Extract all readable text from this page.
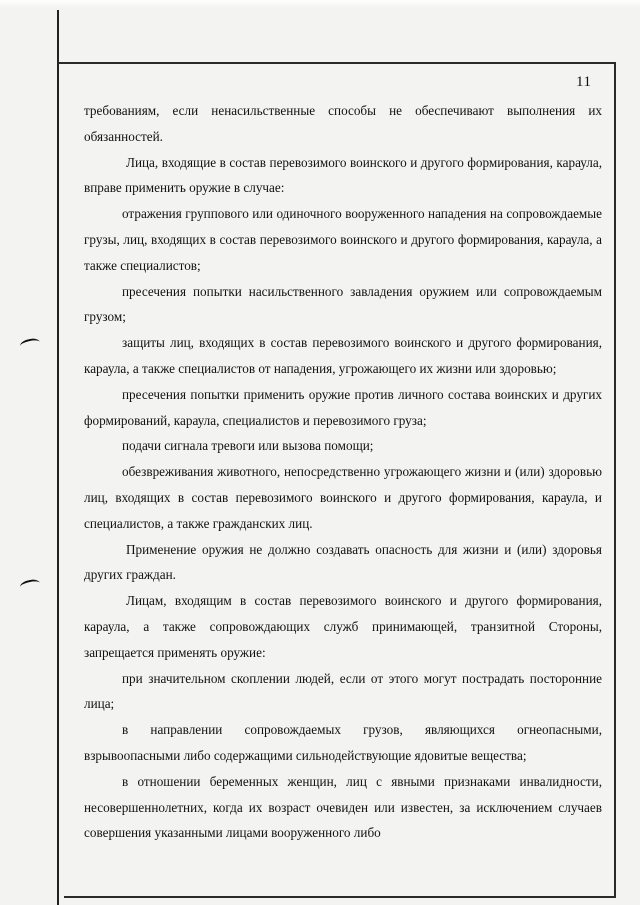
11

требованиям, если ненасильственные способы не обеспечивают выполнения их обязанностей.

Лица, входящие в состав перевозимого воинского и другого формирования, караула, вправе применить оружие в случае:

отражения группового или одиночного вооруженного нападения на сопровождаемые грузы, лиц, входящих в состав перевозимого воинского и другого формирования, караула, а также специалистов;

пресечения попытки насильственного завладения оружием или сопровождаемым грузом;

защиты лиц, входящих в состав перевозимого воинского и другого формирования, караула, а также специалистов от нападения, угрожающего их жизни или здоровью;

пресечения попытки применить оружие против личного состава воинских и других формирований, караула, специалистов и перевозимого груза;

подачи сигнала тревоги или вызова помощи;

обезвреживания животного, непосредственно угрожающего жизни и (или) здоровью лиц, входящих в состав перевозимого воинского и другого формирования, караула, и специалистов, а также гражданских лиц.

Применение оружия не должно создавать опасность для жизни и (или) здоровья других граждан.

Лицам, входящим в состав перевозимого воинского и другого формирования, караула, а также сопровождающих служб принимающей, транзитной Стороны, запрещается применять оружие:

при значительном скоплении людей, если от этого могут пострадать посторонние лица;

в направлении сопровождаемых грузов, являющихся огнеопасными, взрывоопасными либо содержащими сильнодействующие ядовитые вещества;

в отношении беременных женщин, лиц с явными признаками инвалидности, несовершеннолетних, когда их возраст очевиден или известен, за исключением случаев совершения указанными лицами вооруженного либо
